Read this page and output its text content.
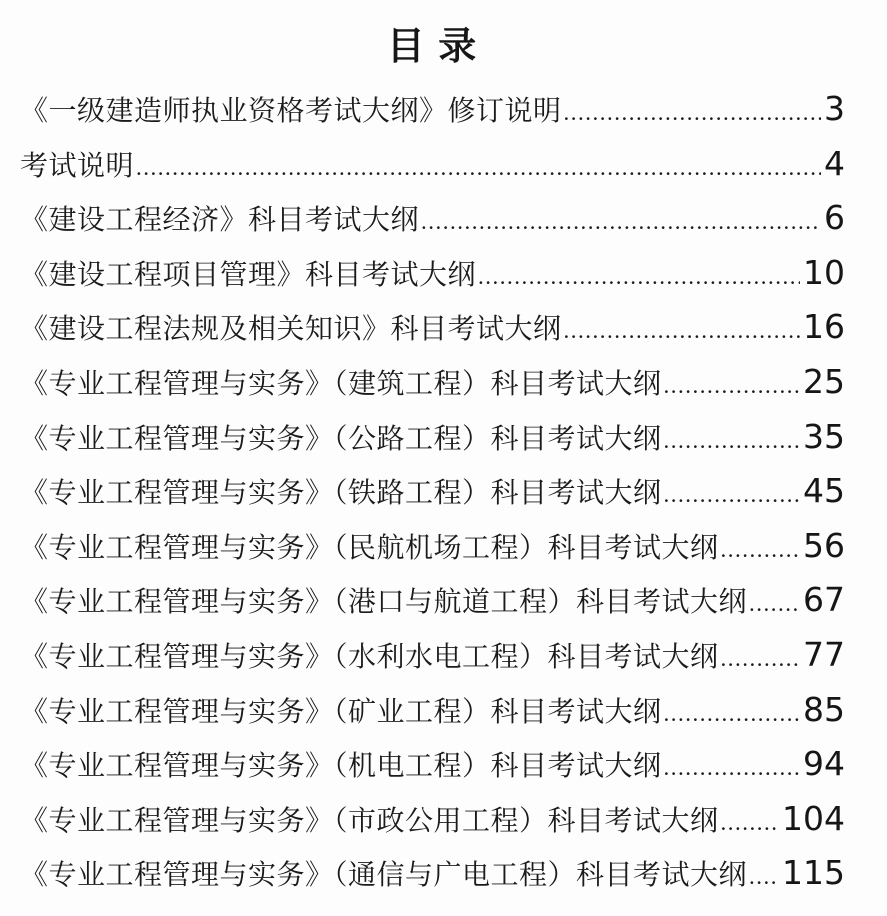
目 录
《一级建造师执业资格考试大纲》修订说明 .....	3
考试说明 .....	4
《建设工程经济》科目考试大纲 .....	6
《建设工程项目管理》科目考试大纲 .....	10
《建设工程法规及相关知识》科目考试大纲 .....	16
《专业工程管理与实务》（建筑工程）科目考试大纲 .....	25
《专业工程管理与实务》（公路工程）科目考试大纲 .....	35
《专业工程管理与实务》（铁路工程）科目考试大纲 .....	45
《专业工程管理与实务》（民航机场工程）科目考试大纲 .....	56
《专业工程管理与实务》（港口与航道工程）科目考试大纲 ..... 67
《专业工程管理与实务》（水利水电工程）科目考试大纲 .....	77
《专业工程管理与实务》（矿业工程）科目考试大纲 .....	85
《专业工程管理与实务》（机电工程）科目考试大纲 .....	94
《专业工程管理与实务》（市政公用工程）科目考试大纲 ..... 104
《专业工程管理与实务》（通信与广电工程）科目考试大纲 ..... 115
